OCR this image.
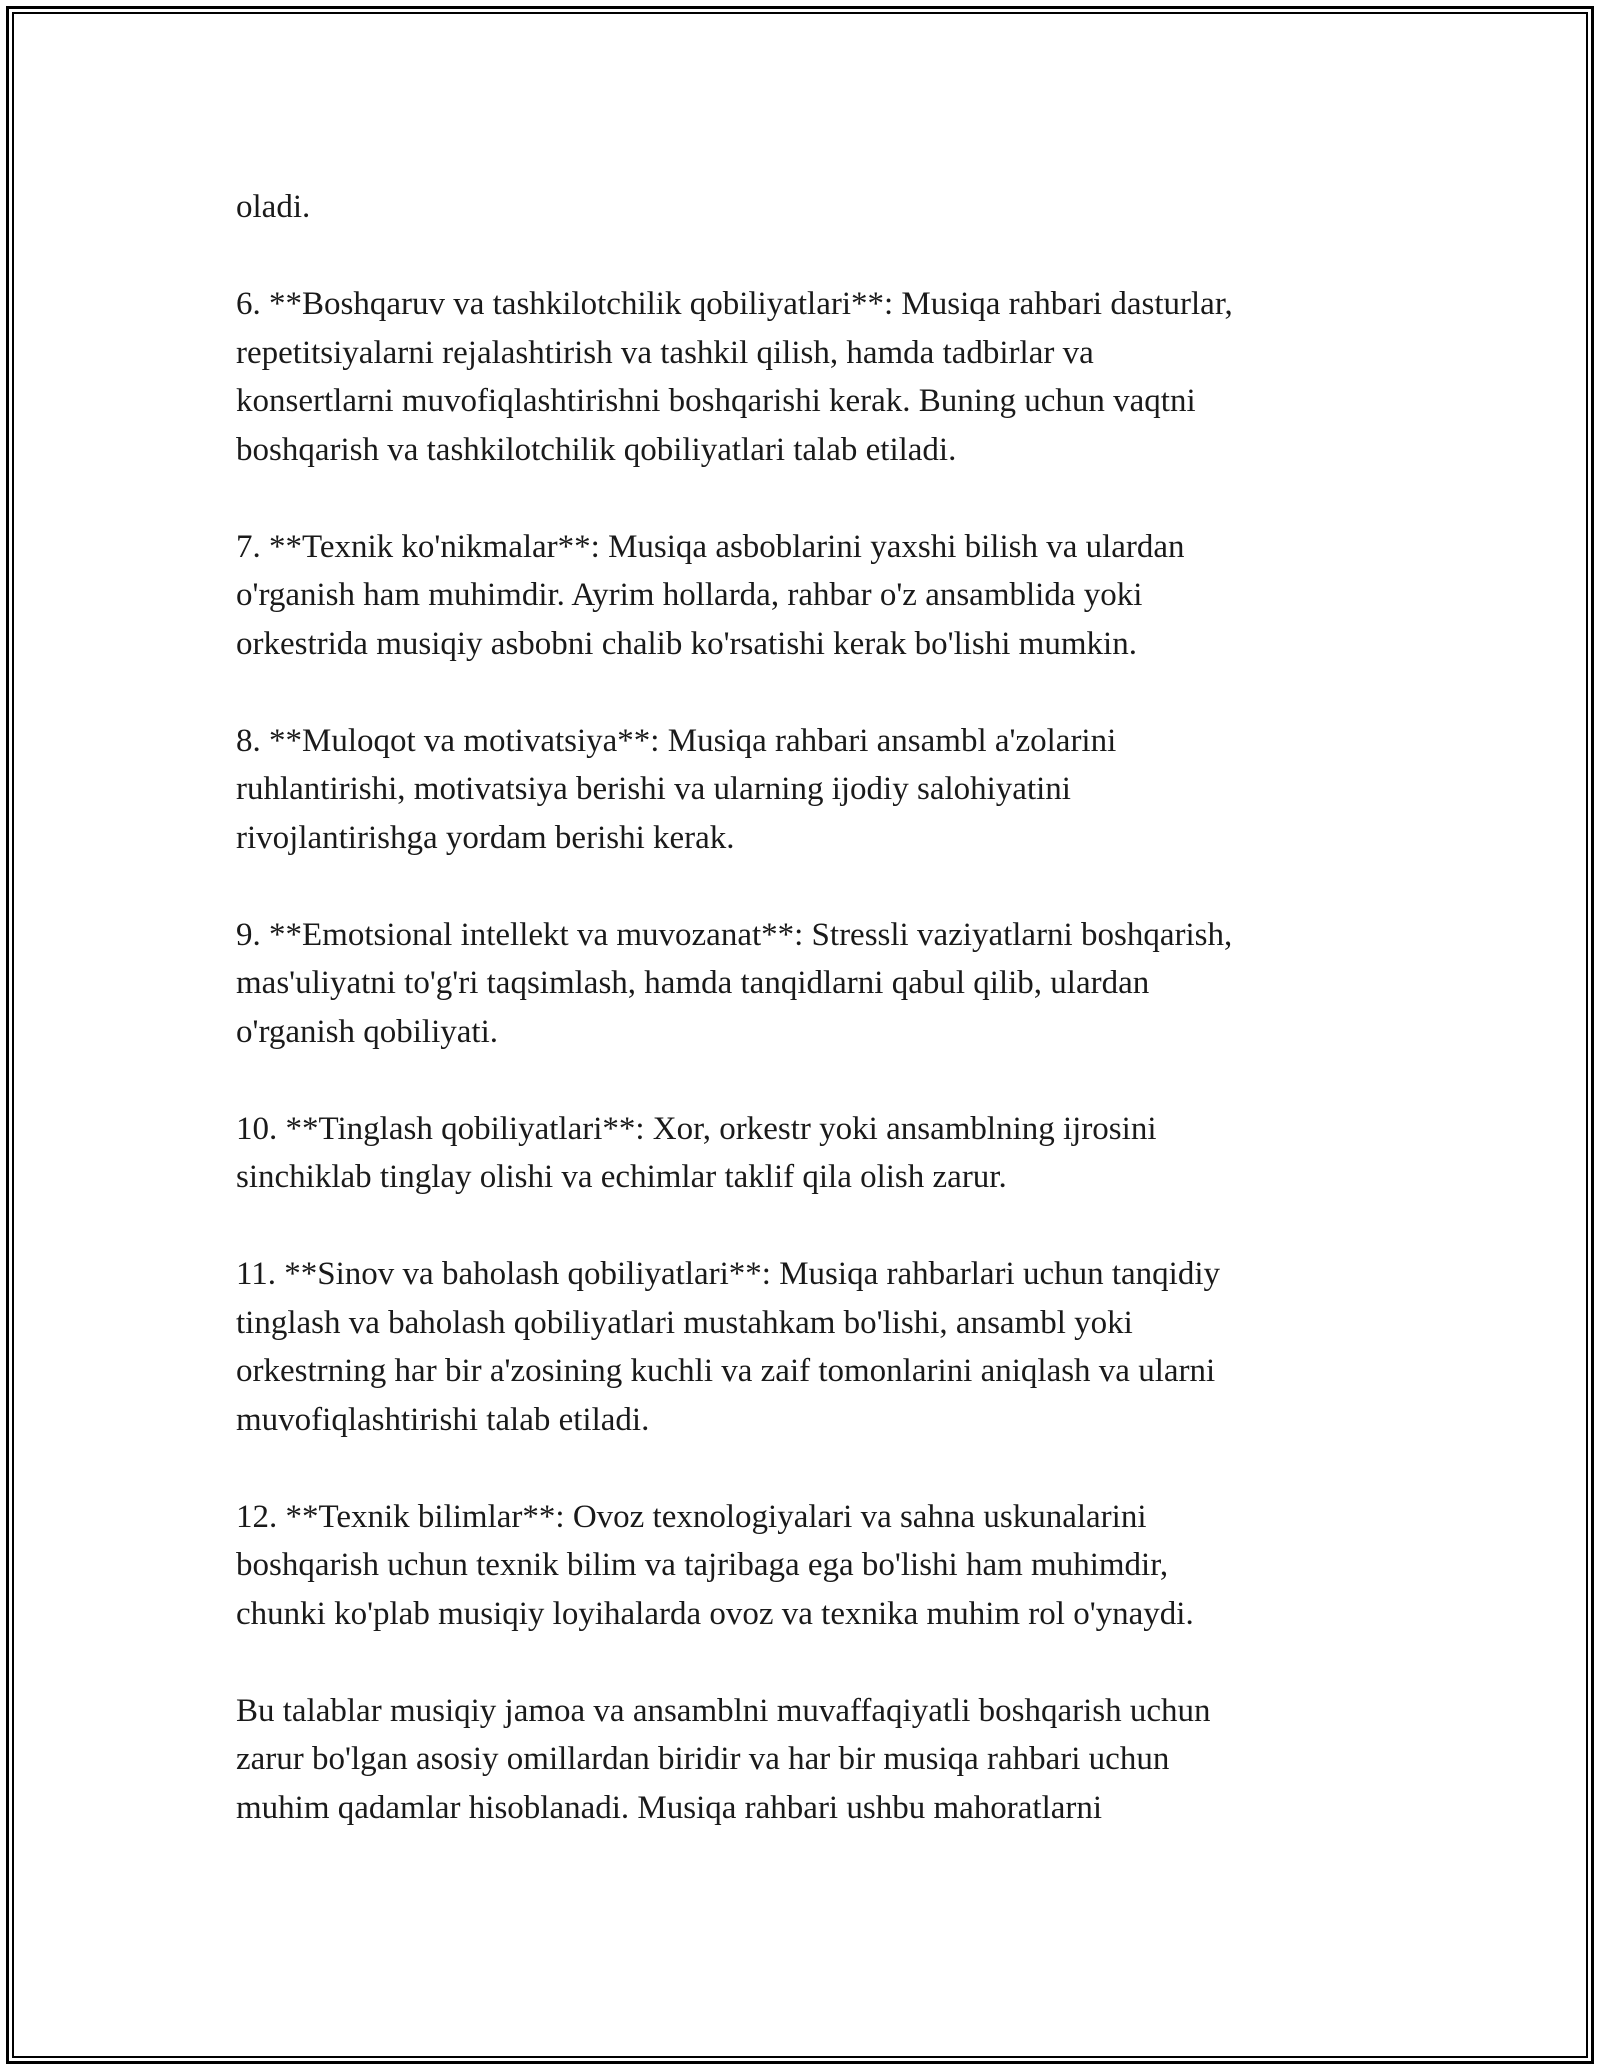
oladi.

6. **Boshqaruv va tashkilotchilik qobiliyatlari**: Musiqa rahbari dasturlar,
repetitsiyalarni rejalashtirish va tashkil qilish, hamda tadbirlar va
konsertlarni muvofiqlashtirishni boshqarishi kerak. Buning uchun vaqtni
boshqarish va tashkilotchilik qobiliyatlari talab etiladi.

7. **Texnik ko'nikmalar**: Musiqa asboblarini yaxshi bilish va ulardan
o'rganish ham muhimdir. Ayrim hollarda, rahbar o'z ansamblida yoki
orkestrida musiqiy asbobni chalib ko'rsatishi kerak bo'lishi mumkin.

8. **Muloqot va motivatsiya**: Musiqa rahbari ansambl a'zolarini
ruhlantirishi, motivatsiya berishi va ularning ijodiy salohiyatini
rivojlantirishga yordam berishi kerak.

9. **Emotsional intellekt va muvozanat**: Stressli vaziyatlarni boshqarish,
mas'uliyatni to'g'ri taqsimlash, hamda tanqidlarni qabul qilib, ulardan
o'rganish qobiliyati.

10. **Tinglash qobiliyatlari**: Xor, orkestr yoki ansamblning ijrosini
sinchiklab tinglay olishi va echimlar taklif qila olish zarur.

11. **Sinov va baholash qobiliyatlari**: Musiqa rahbarlari uchun tanqidiy
tinglash va baholash qobiliyatlari mustahkam bo'lishi, ansambl yoki
orkestrning har bir a'zosining kuchli va zaif tomonlarini aniqlash va ularni
muvofiqlashtirishi talab etiladi.

12. **Texnik bilimlar**: Ovoz texnologiyalari va sahna uskunalarini
boshqarish uchun texnik bilim va tajribaga ega bo'lishi ham muhimdir,
chunki ko'plab musiqiy loyihalarda ovoz va texnika muhim rol o'ynaydi.

Bu talablar musiqiy jamoa va ansamblni muvaffaqiyatli boshqarish uchun
zarur bo'lgan asosiy omillardan biridir va har bir musiqa rahbari uchun
muhim qadamlar hisoblanadi. Musiqa rahbari ushbu mahoratlarni
